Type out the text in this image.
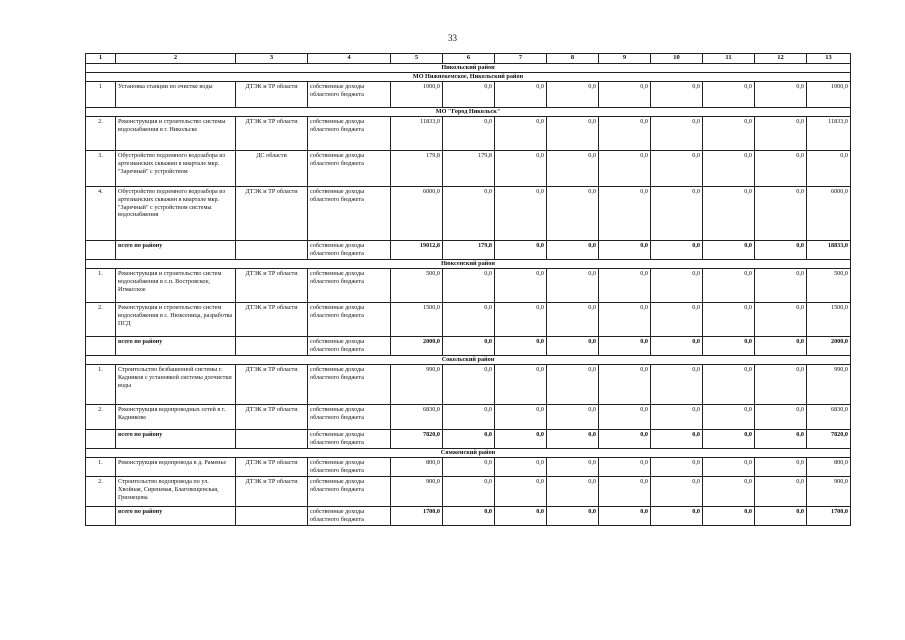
33
1	2	3	4	5	6	7	8	9	10	11	12	13
Никольский район												
МО Нижнекемское, Никольский район												
1	Установка станции по очистке воды	ДТЭК и ТР области	собственные доходы областного бюджета	1000,0	0,0	0,0	0,0	0,0	0,0	0,0	0,0	1000,0
МО "Город Никольск"												
2.	Реконструкция и строительство системы водоснабжения в г. Никольске	ДТЭК и ТР области	собственные доходы областного бюджета	11833,0	0,0	0,0	0,0	0,0	0,0	0,0	0,0	11833,0
3.	Обустройство подземного водозабора из артезианских скважин в квартале мкр. "Заречный" с устройством	ДС области	собственные доходы областного бюджета	179,8	179,8	0,0	0,0	0,0	0,0	0,0	0,0	0,0
4.	Обустройство подземного водозабора из артезианских скважин в квартале мкр. "Заречный" с устройством системы водоснабжения	ДТЭК и ТР области	собственные доходы областного бюджета	6000,0	0,0	0,0	0,0	0,0	0,0	0,0	0,0	6000,0
	всего по району		собственные доходы областного бюджета	19012,8	179,8	0,0	0,0	0,0	0,0	0,0	0,0	18833,0
Нюксенский район												
1.	Реконструкция и строительство систем водоснабжения в с.п. Востровское, Игмасское	ДТЭК и ТР области	собственные доходы областного бюджета	500,0	0,0	0,0	0,0	0,0	0,0	0,0	0,0	500,0
2.	Реконструкция и строительство систем водоснабжения в с. Нюксеница, разработка ПСД	ДТЭК и ТР области	собственные доходы областного бюджета	1500,0	0,0	0,0	0,0	0,0	0,0	0,0	0,0	1500,0
	всего по району		собственные доходы областного бюджета	2000,0	0,0	0,0	0,0	0,0	0,0	0,0	0,0	2000,0
Сокольский район												
1.	Строительство безбашенной системы г. Кадников с установкой системы доочистки воды	ДТЭК и ТР области	собственные доходы областного бюджета	990,0	0,0	0,0	0,0	0,0	0,0	0,0	0,0	990,0
2.	Реконструкция водопроводных сетей в г. Кадникове	ДТЭК и ТР области	собственные доходы областного бюджета	6830,0	0,0	0,0	0,0	0,0	0,0	0,0	0,0	6830,0
	всего по району		собственные доходы областного бюджета	7820,0	0,0	0,0	0,0	0,0	0,0	0,0	0,0	7820,0
Сямженский район												
1.	Реконструкция водопровода в д. Раменье	ДТЭК и ТР области	собственные доходы областного бюджета	800,0	0,0	0,0	0,0	0,0	0,0	0,0	0,0	800,0
2.	Строительство водопровода по ул. Хвойная, Сиреневая, Благовещенская, Грязнецова	ДТЭК и ТР области	собственные доходы областного бюджета	900,0	0,0	0,0	0,0	0,0	0,0	0,0	0,0	900,0
	всего по району		собственные доходы областного бюджета	1700,0	0,0	0,0	0,0	0,0	0,0	0,0	0,0	1700,0
